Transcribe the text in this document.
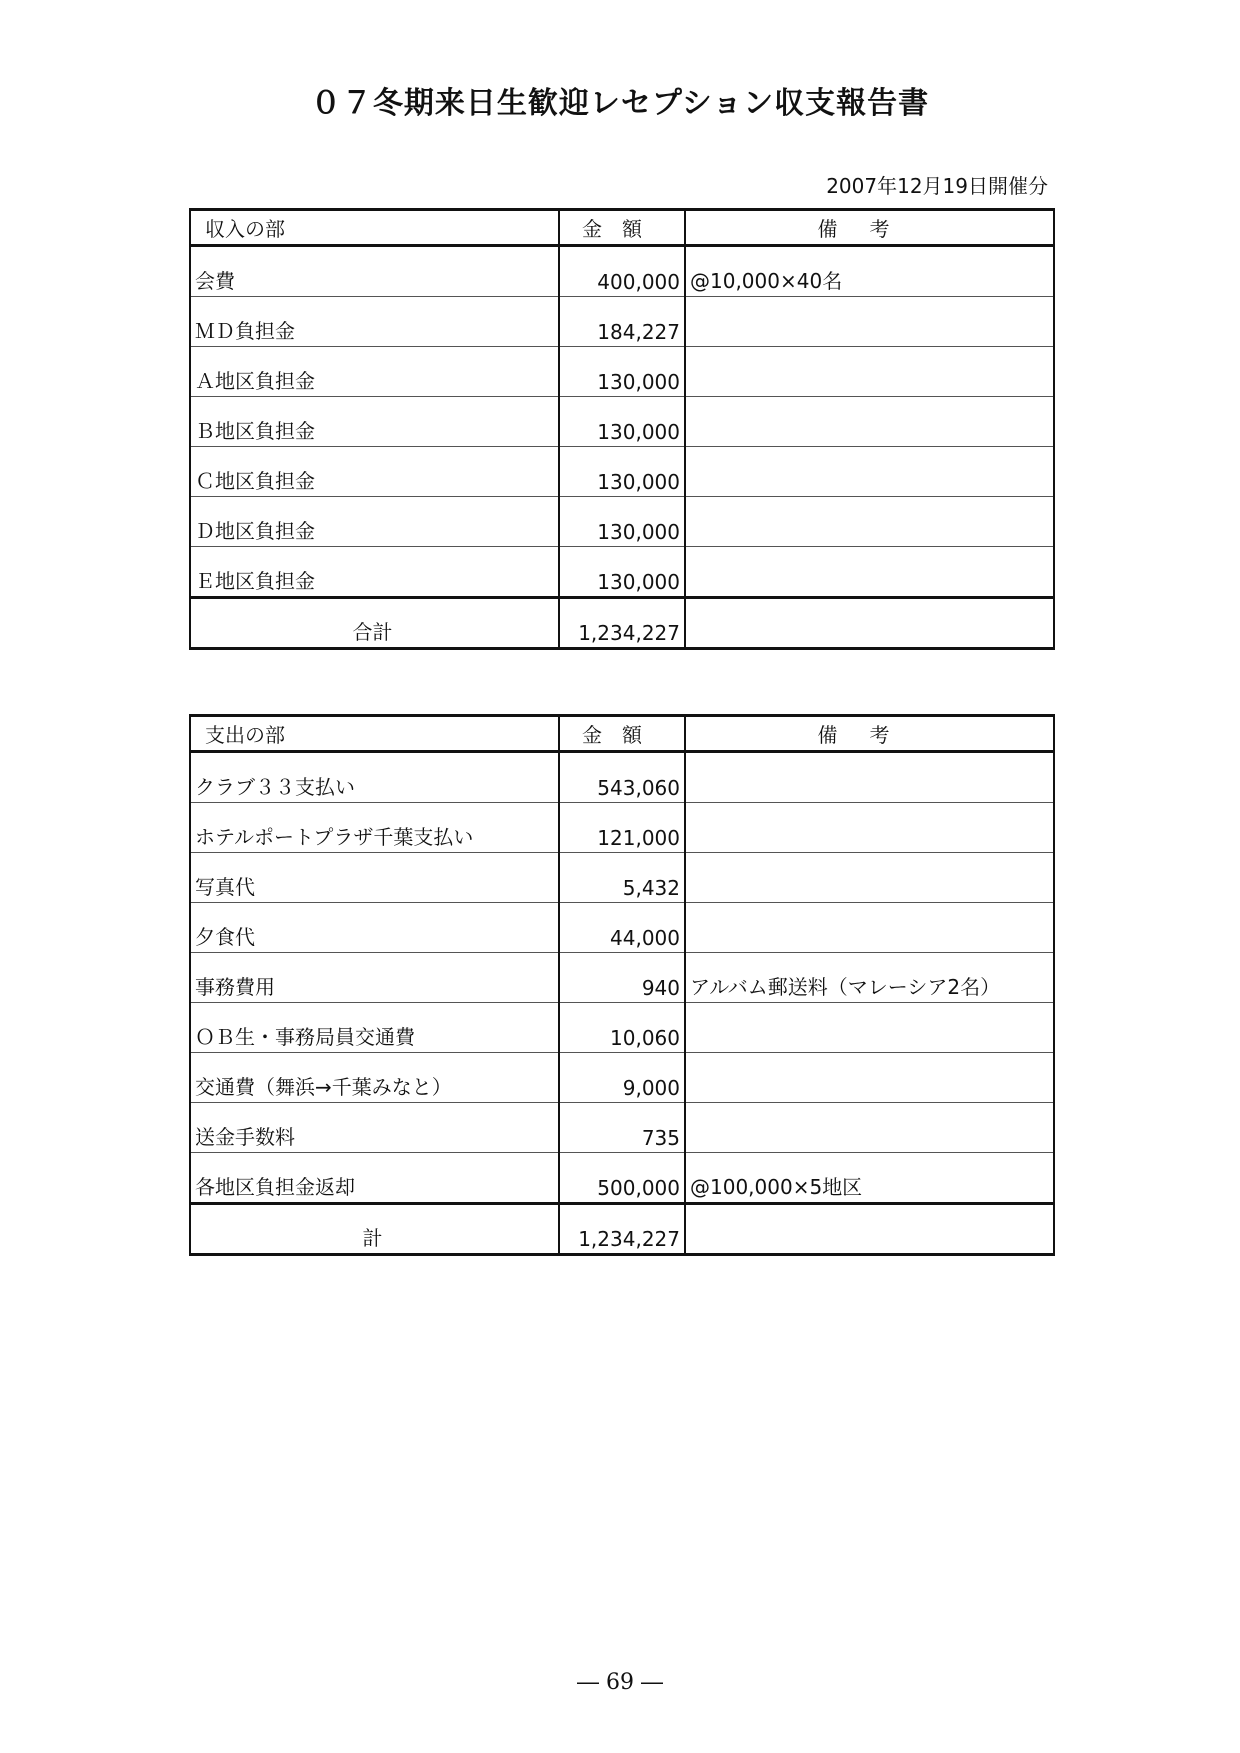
０７冬期来日生歓迎レセプション収支報告書
2007年12月19日開催分
収入の部	金額	備考
会費	400,000	@10,000×40名
ＭＤ負担金	184,227	
Ａ地区負担金	130,000	
Ｂ地区負担金	130,000	
Ｃ地区負担金	130,000	
Ｄ地区負担金	130,000	
Ｅ地区負担金	130,000	
合計	1,234,227	
支出の部	金額	備考
クラブ３３支払い	543,060	
ホテルポートプラザ千葉支払い	121,000	
写真代	5,432	
夕食代	44,000	
事務費用	940	アルバム郵送料（マレーシア2名）
ＯＢ生・事務局員交通費	10,060	
交通費（舞浜→千葉みなと）	9,000	
送金手数料	735	
各地区負担金返却	500,000	@100,000×5地区
計	1,234,227	
― 69 ―
